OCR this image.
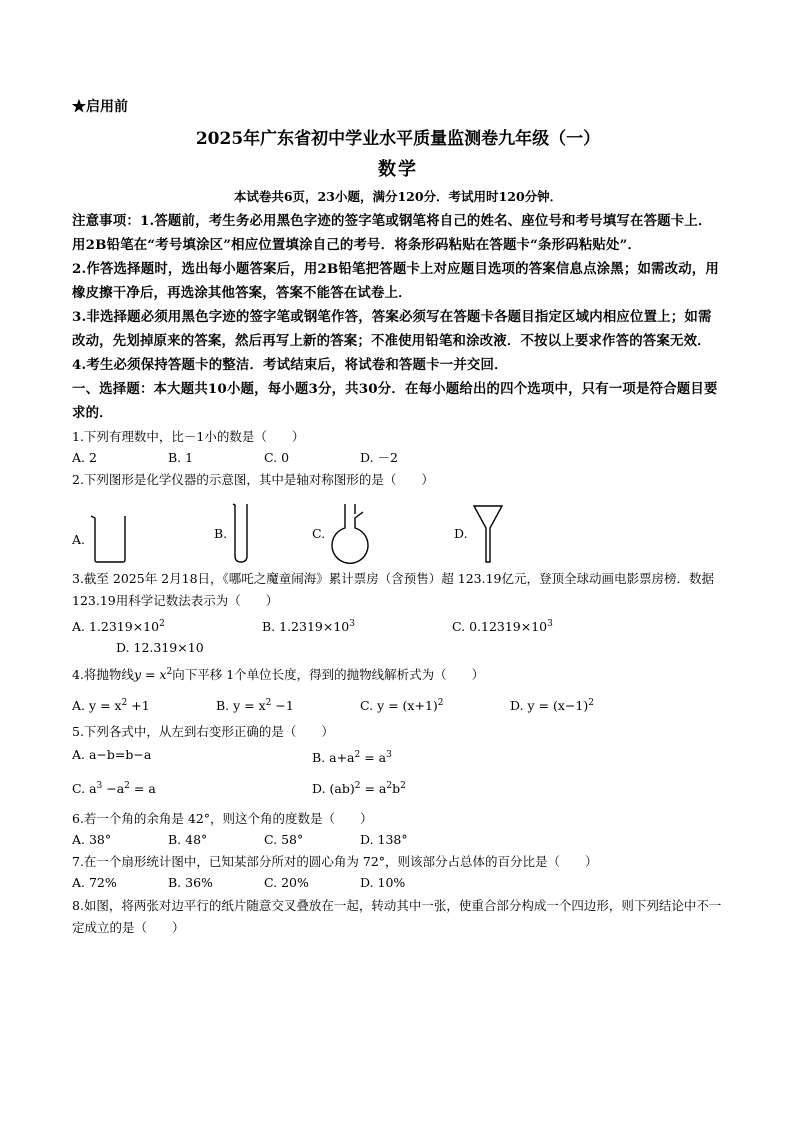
★启用前
2025年广东省初中学业水平质量监测卷九年级（一）
数学
本试卷共6页，23小题，满分120分．考试用时120分钟．
注意事项：1.答题前，考生务必用黑色字迹的签字笔或钢笔将自己的姓名、座位号和考号填写在答题卡上．用2B铅笔在“考号填涂区”相应位置填涂自己的考号．将条形码粘贴在答题卡“条形码粘贴处”．
2.作答选择题时，选出每小题答案后，用2B铅笔把答题卡上对应题目选项的答案信息点涂黑；如需改动，用橡皮擦干净后，再选涂其他答案，答案不能答在试卷上．
3.非选择题必须用黑色字迹的签字笔或钢笔作答，答案必须写在答题卡各题目指定区域内相应位置上；如需改动，先划掉原来的答案，然后再写上新的答案；不准使用铅笔和涂改液．不按以上要求作答的答案无效．
4.考生必须保持答题卡的整洁．考试结束后，将试卷和答题卡一并交回．
一、选择题：本大题共10小题，每小题3分，共30分．在每小题给出的四个选项中，只有一项是符合题目要求的．
1.下列有理数中，比－1小的数是（　　）
A. 2	B. 1	C. 0	D. －2
2.下列图形是化学仪器的示意图，其中是轴对称图形的是（　　）
A.	B.	C.	D.
3.截至 2025年 2月18日，《哪吒之魔童闹海》累计票房（含预售）超 123.19亿元，登顶全球动画电影票房榜．数据 123.19用科学记数法表示为（　　）
A. $1.2319\times 10^2$	B. $1.2319\times 10^3$	C. $0.12319\times 10^3$
D. 12.319×10
4.将抛物线$y = x^2$向下平移 1个单位长度，得到的抛物线解析式为（　　）
A. $y = x^2 +1$	B. $y = x^2 -1$	C. $y = (x+1)^2$	D. $y = (x-1)^2$
5.下列各式中，从左到右变形正确的是（　　）
A. a−b=b−a	B. $a+a^2 = a^3$
C. $a^3 -a^2 = a$	D. $(ab)^2 = a^2b^2$
6.若一个角的余角是 42°，则这个角的度数是（　　）
A. 38°	B. 48°	C. 58°	D. 138°
7.在一个扇形统计图中，已知某部分所对的圆心角为 72°，则该部分占总体的百分比是（　　）
A. 72%	B. 36%	C. 20%	D. 10%
8.如图，将两张对边平行的纸片随意交叉叠放在一起，转动其中一张，使重合部分构成一个四边形，则下列结论中不一定成立的是（　　）
